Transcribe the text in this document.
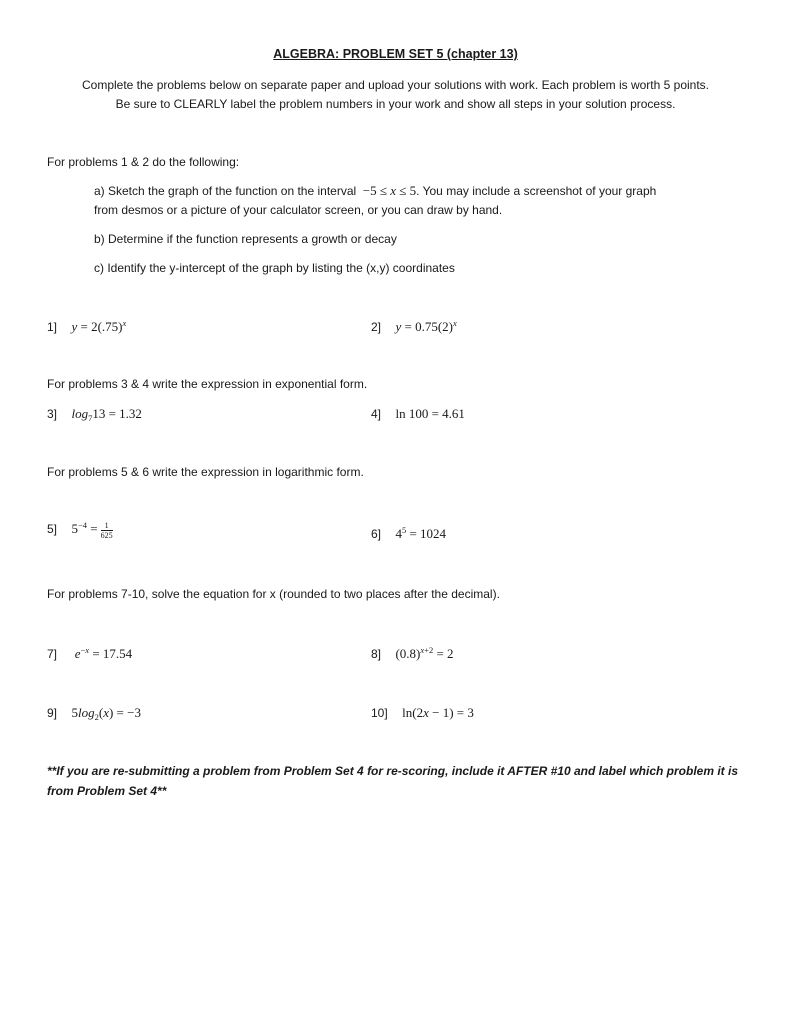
ALGEBRA: PROBLEM SET 5 (chapter 13)
Complete the problems below on separate paper and upload your solutions with work. Each problem is worth 5 points.
Be sure to CLEARLY label the problem numbers in your work and show all steps in your solution process.
For problems 1 & 2 do the following:
a) Sketch the graph of the function on the interval  −5 ≤ x ≤ 5. You may include a screenshot of your graph
from desmos or a picture of your calculator screen, or you can draw by hand.
b) Determine if the function represents a growth or decay
c) Identify the y-intercept of the graph by listing the (x,y) coordinates
1] $y = 2(.75)^x$	2] $y = 0.75(2)^x$
For problems 3 & 4 write the expression in exponential form.
3] $\log_713 = 1.32$	4] ln 100 = 4.61
For problems 5 & 6 write the expression in logarithmic form.
5] $5^{-4} = \frac{1}{625}$	6] $4^5 = 1024$
For problems 7-10, solve the equation for x (rounded to two places after the decimal).
7] $e^{-x} = 17.54$	8] $(0.8)^{x+2} = 2$
9] $5\log_2(x) = -3$	10] ln(2x − 1) = 3
**If you are re-submitting a problem from Problem Set 4 for re-scoring, include it AFTER #10 and label which problem it is from Problem Set 4**
